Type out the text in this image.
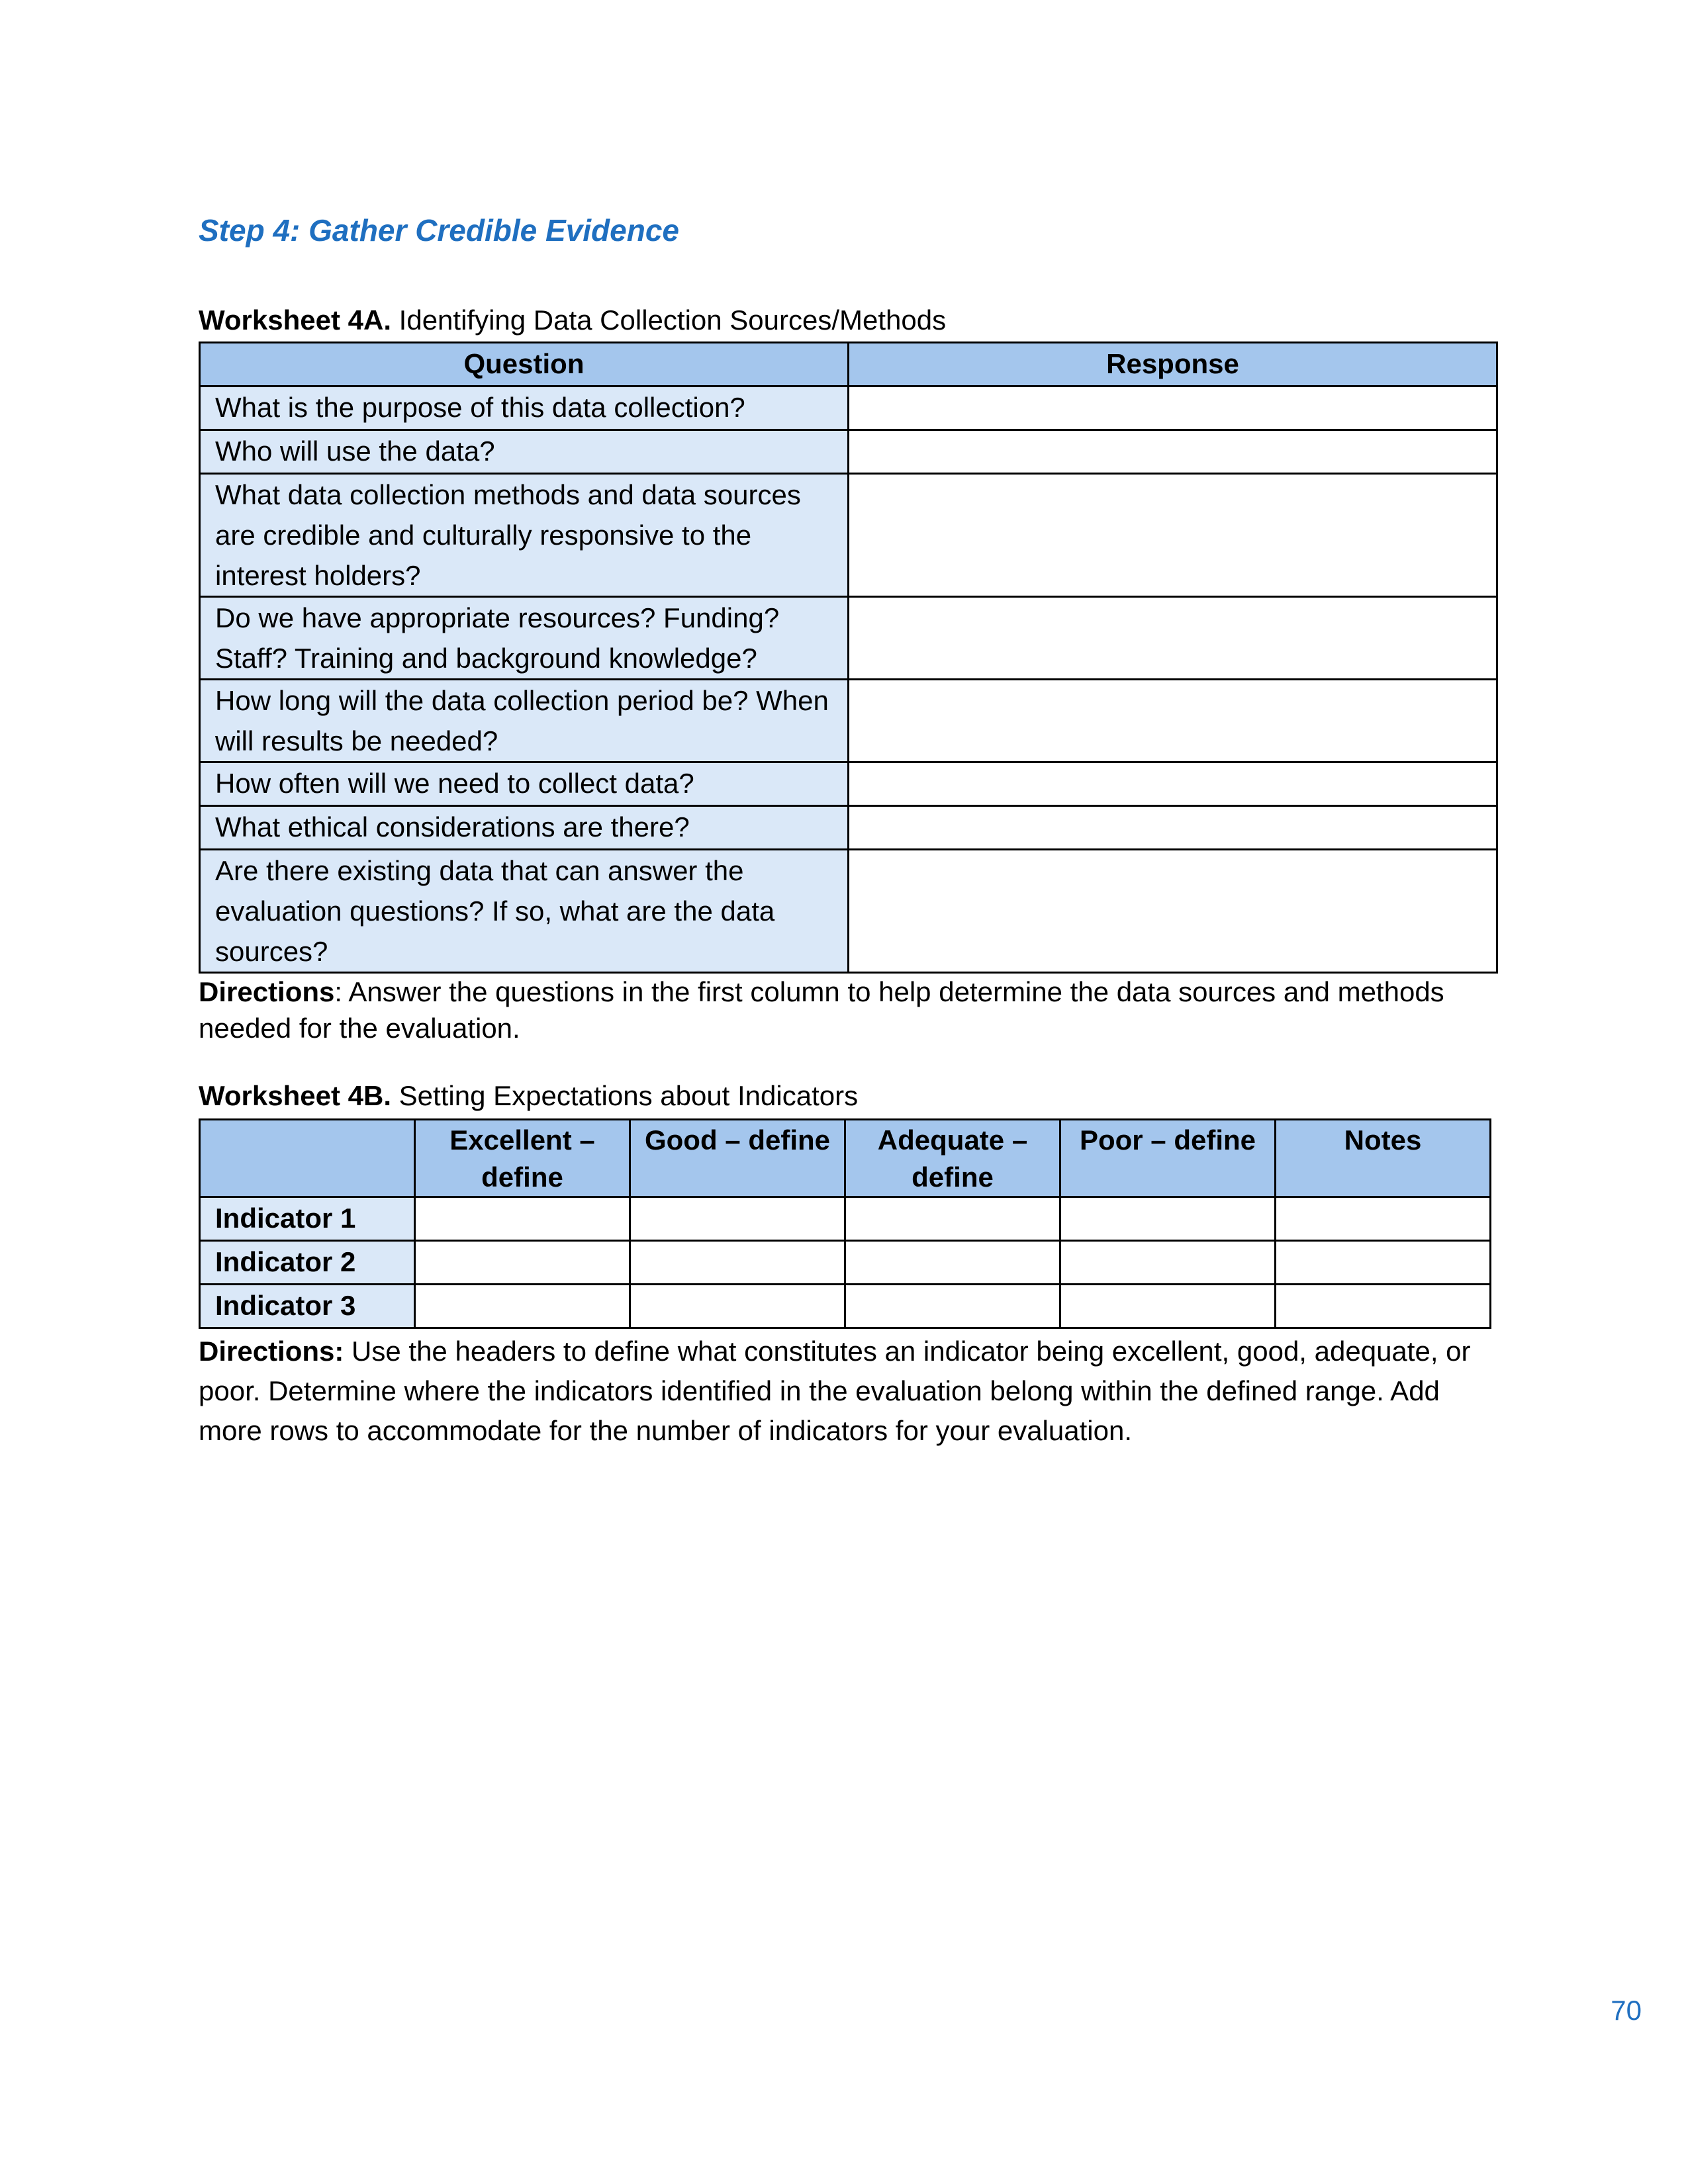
Step 4: Gather Credible Evidence

Worksheet 4A. Identifying Data Collection Sources/Methods

Question	Response
What is the purpose of this data collection?	
Who will use the data?	
What data collection methods and data sources are credible and culturally responsive to the interest holders?	
Do we have appropriate resources? Funding? Staff? Training and background knowledge?	
How long will the data collection period be? When will results be needed?	
How often will we need to collect data?	
What ethical considerations are there?	
Are there existing data that can answer the evaluation questions? If so, what are the data sources?	

Directions: Answer the questions in the first column to help determine the data sources and methods needed for the evaluation.

Worksheet 4B. Setting Expectations about Indicators

	Excellent – define	Good – define	Adequate – define	Poor – define	Notes
Indicator 1					
Indicator 2					
Indicator 3					

Directions: Use the headers to define what constitutes an indicator being excellent, good, adequate, or poor. Determine where the indicators identified in the evaluation belong within the defined range. Add more rows to accommodate for the number of indicators for your evaluation.

70
